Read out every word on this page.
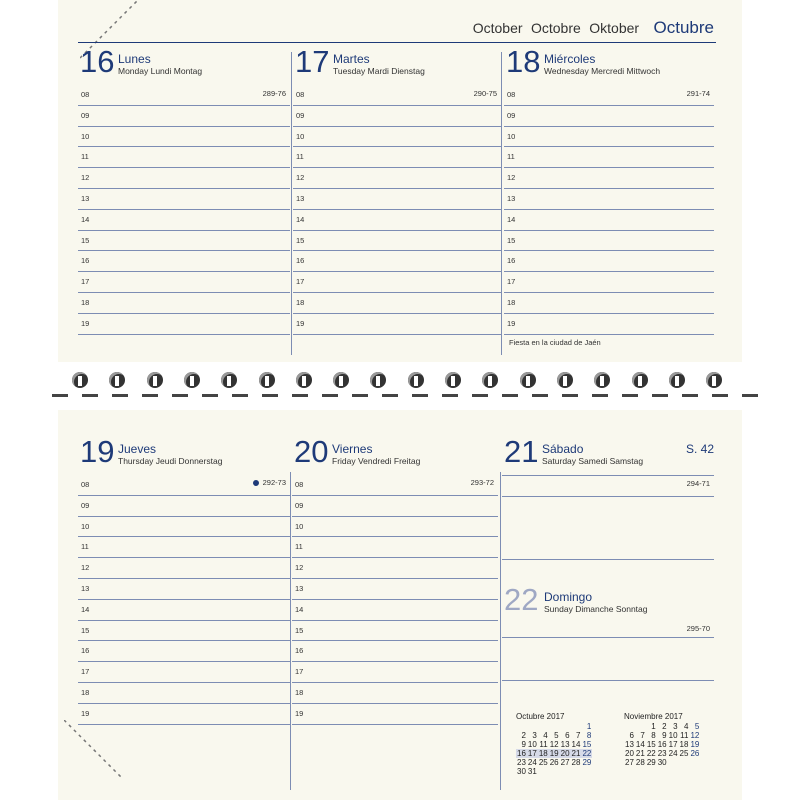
October Octobre Oktober Octubre
16 Lunes
Monday Lundi Montag
08
09
10
11
12
13
14
15
16
17
18
19
289-76
17 Martes
Tuesday Mardi Dienstag
08
09
10
11
12
13
14
15
16
17
18
19
290-75
18 Miércoles
Wednesday Mercredi Mittwoch
08
09
10
11
12
13
14
15
16
17
18
19
291-74
Fiesta en la ciudad de Jaén
19 Jueves
Thursday Jeudi Donnerstag
08
09
10
11
12
13
14
15
16
17
18
19
292-73
20 Viernes
Friday Vendredi Freitag
08
09
10
11
12
13
14
15
16
17
18
19
293-72
21 Sábado
Saturday Samedi Samstag
S. 42
294-71
22 Domingo
Sunday Dimanche Sonntag
295-70
Octubre 2017
						1
2	3	4	5	6	7	8
9	10	11	12	13	14	15
16	17	18	19	20	21	22
23	24	25	26	27	28	29
30	31					
Noviembre 2017
		1	2	3	4	5
6	7	8	9	10	11	12
13	14	15	16	17	18	19
20	21	22	23	24	25	26
27	28	29	30			
